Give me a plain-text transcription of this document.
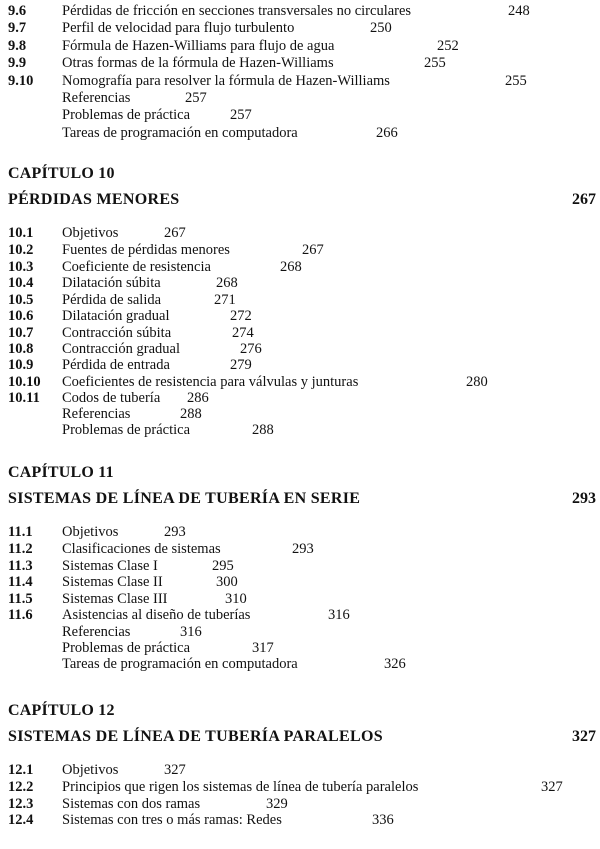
9.6 Pérdidas de fricción en secciones transversales no circulares	248
9.7 Perfil de velocidad para flujo turbulento	250
9.8 Fórmula de Hazen-Williams para flujo de agua	252
9.9 Otras formas de la fórmula de Hazen-Williams	255
9.10 Nomografía para resolver la fórmula de Hazen-Williams	255
Referencias	257
Problemas de práctica	257
Tareas de programación en computadora	266
CAPÍTULO 10
PÉRDIDAS MENORES	267
10.1 Objetivos	267
10.2 Fuentes de pérdidas menores	267
10.3 Coeficiente de resistencia	268
10.4 Dilatación súbita	268
10.5 Pérdida de salida	271
10.6 Dilatación gradual	272
10.7 Contracción súbita	274
10.8 Contracción gradual	276
10.9 Pérdida de entrada	279
10.10 Coeficientes de resistencia para válvulas y junturas	280
10.11 Codos de tubería 286
Referencias	288
Problemas de práctica	288
CAPÍTULO 11
SISTEMAS DE LÍNEA DE TUBERÍA EN SERIE	293
11.1 Objetivos	293
11.2 Clasificaciones de sistemas	293
11.3 Sistemas Clase I	295
11.4 Sistemas Clase II	300
11.5 Sistemas Clase III	310
11.6 Asistencias al diseño de tuberías	316
Referencias	316
Problemas de práctica	317
Tareas de programación en computadora	326
CAPÍTULO 12
SISTEMAS DE LÍNEA DE TUBERÍA PARALELOS	327
12.1 Objetivos	327
12.2 Principios que rigen los sistemas de línea de tubería paralelos	327
12.3 Sistemas con dos ramas	329
12.4 Sistemas con tres o más ramas: Redes	336
